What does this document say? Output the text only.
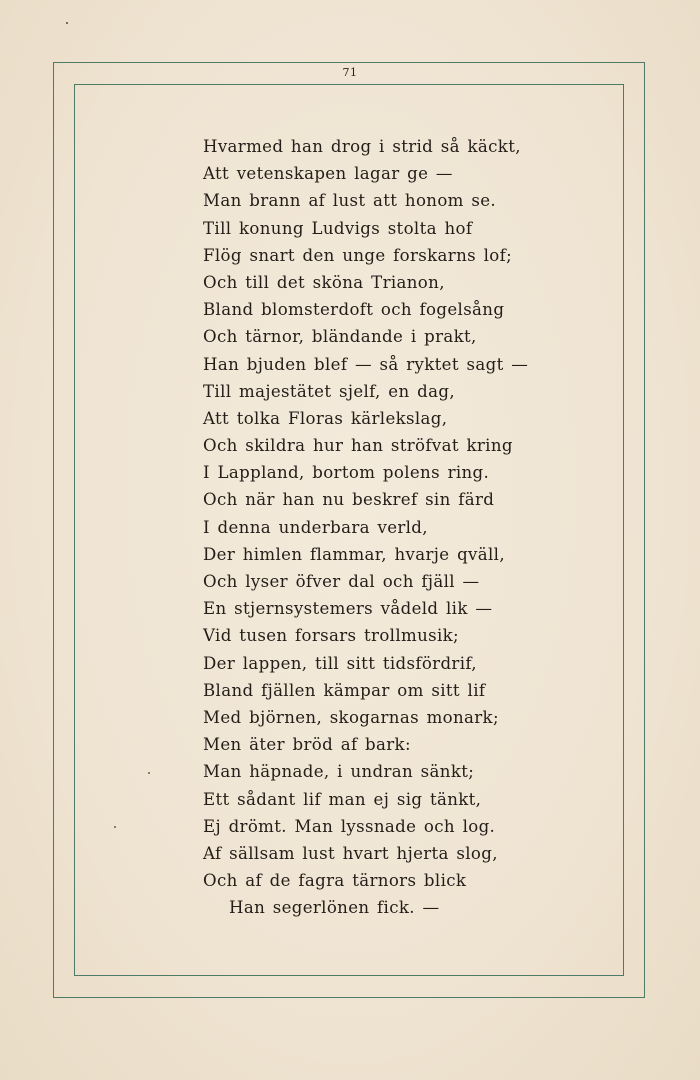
71
Hvarmed han drog i strid så käckt,
Att vetenskapen lagar ge —
Man brann af lust att honom se.
Till konung Ludvigs stolta hof
Flög snart den unge forskarns lof;
Och till det sköna Trianon,
Bland blomsterdoft och fogelsång
Och tärnor, bländande i prakt,
Han bjuden blef — så ryktet sagt —
Till majestätet sjelf, en dag,
Att tolka Floras kärlekslag,
Och skildra hur han ströfvat kring
I Lappland, bortom polens ring.
Och när han nu beskref sin färd
I denna underbara verld,
Der himlen flammar, hvarje qväll,
Och lyser öfver dal och fjäll —
En stjernsystemers vådeld lik —
Vid tusen forsars trollmusik;
Der lappen, till sitt tidsfördrif,
Bland fjällen kämpar om sitt lif
Med björnen, skogarnas monark;
Men äter bröd af bark:
Man häpnade, i undran sänkt;
Ett sådant lif man ej sig tänkt,
Ej drömt. Man lyssnade och log.
Af sällsam lust hvart hjerta slog,
Och af de fagra tärnors blick
Han segerlönen fick. —
